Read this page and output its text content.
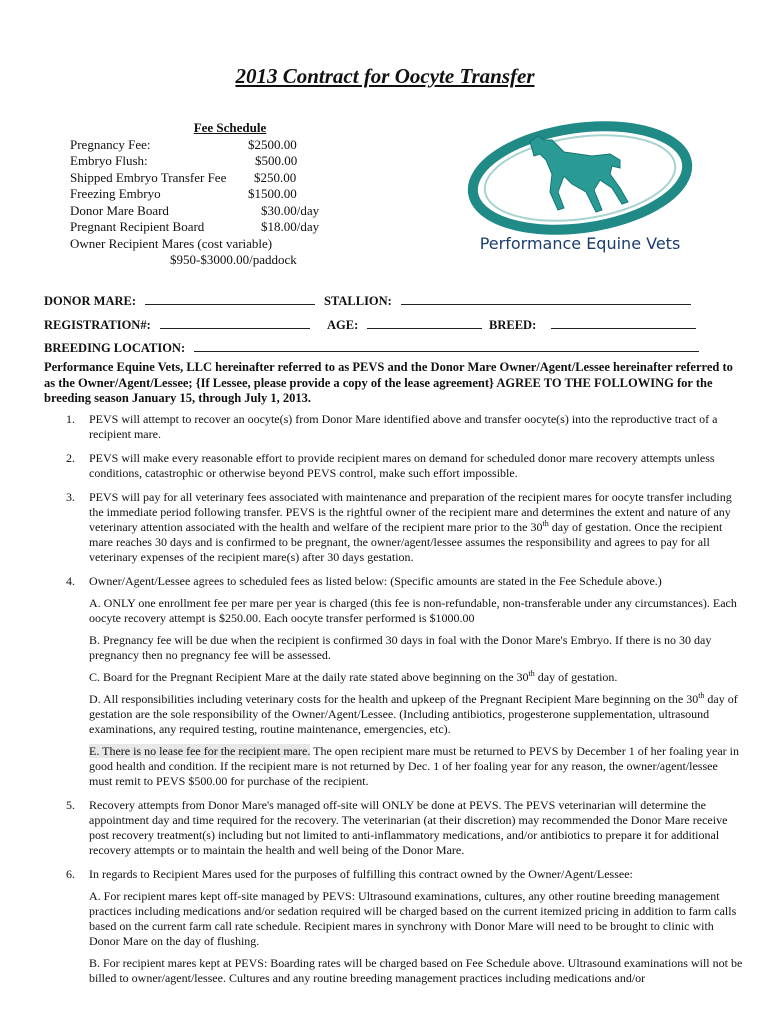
2013 Contract for Oocyte Transfer
Fee Schedule
Pregnancy Fee:	$2500.00
Embryo Flush:	$500.00
Shipped Embryo Transfer Fee	$250.00
Freezing Embryo	$1500.00
Donor Mare Board	$30.00/day
Pregnant Recipient Board	$18.00/day
Owner Recipient Mares (cost variable)
$950-$3000.00/paddock
Performance Equine Vets
DONOR MARE:	STALLION:
REGISTRATION#:	AGE:	BREED:
BREEDING LOCATION:
Performance Equine Vets, LLC hereinafter referred to as PEVS and the Donor Mare Owner/Agent/Lessee hereinafter referred to as the Owner/Agent/Lessee; {If Lessee, please provide a copy of the lease agreement} AGREE TO THE FOLLOWING for the breeding season January 15, through July 1, 2013.
1.	PEVS will attempt to recover an oocyte(s) from Donor Mare identified above and transfer oocyte(s) into the reproductive tract of a recipient mare.
2.	PEVS will make every reasonable effort to provide recipient mares on demand for scheduled donor mare recovery attempts unless conditions, catastrophic or otherwise beyond PEVS control, make such effort impossible.
3.	PEVS will pay for all veterinary fees associated with maintenance and preparation of the recipient mares for oocyte transfer including the immediate period following transfer. PEVS is the rightful owner of the recipient mare and determines the extent and nature of any veterinary attention associated with the health and welfare of the recipient mare prior to the 30th day of gestation. Once the recipient mare reaches 30 days and is confirmed to be pregnant, the owner/agent/lessee assumes the responsibility and agrees to pay for all veterinary expenses of the recipient mare(s) after 30 days gestation.
4.	Owner/Agent/Lessee agrees to scheduled fees as listed below: (Specific amounts are stated in the Fee Schedule above.)
A. ONLY one enrollment fee per mare per year is charged (this fee is non-refundable, non-transferable under any circumstances). Each oocyte recovery attempt is $250.00. Each oocyte transfer performed is $1000.00
B. Pregnancy fee will be due when the recipient is confirmed 30 days in foal with the Donor Mare's Embryo. If there is no 30 day pregnancy then no pregnancy fee will be assessed.
C. Board for the Pregnant Recipient Mare at the daily rate stated above beginning on the 30th day of gestation.
D. All responsibilities including veterinary costs for the health and upkeep of the Pregnant Recipient Mare beginning on the 30th day of gestation are the sole responsibility of the Owner/Agent/Lessee. (Including antibiotics, progesterone supplementation, ultrasound examinations, any required testing, routine maintenance, emergencies, etc).
E. There is no lease fee for the recipient mare. The open recipient mare must be returned to PEVS by December 1 of her foaling year in good health and condition. If the recipient mare is not returned by Dec. 1 of her foaling year for any reason, the owner/agent/lessee must remit to PEVS $500.00 for purchase of the recipient.
5.	Recovery attempts from Donor Mare's managed off-site will ONLY be done at PEVS. The PEVS veterinarian will determine the appointment day and time required for the recovery. The veterinarian (at their discretion) may recommended the Donor Mare receive post recovery treatment(s) including but not limited to anti-inflammatory medications, and/or antibiotics to prepare it for additional recovery attempts or to maintain the health and well being of the Donor Mare.
6.	In regards to Recipient Mares used for the purposes of fulfilling this contract owned by the Owner/Agent/Lessee:
A. For recipient mares kept off-site managed by PEVS: Ultrasound examinations, cultures, any other routine breeding management practices including medications and/or sedation required will be charged based on the current itemized pricing in addition to farm calls based on the current farm call rate schedule. Recipient mares in synchrony with Donor Mare will need to be brought to clinic with Donor Mare on the day of flushing.
B. For recipient mares kept at PEVS: Boarding rates will be charged based on Fee Schedule above. Ultrasound examinations will not be billed to owner/agent/lessee. Cultures and any routine breeding management practices including medications and/or
